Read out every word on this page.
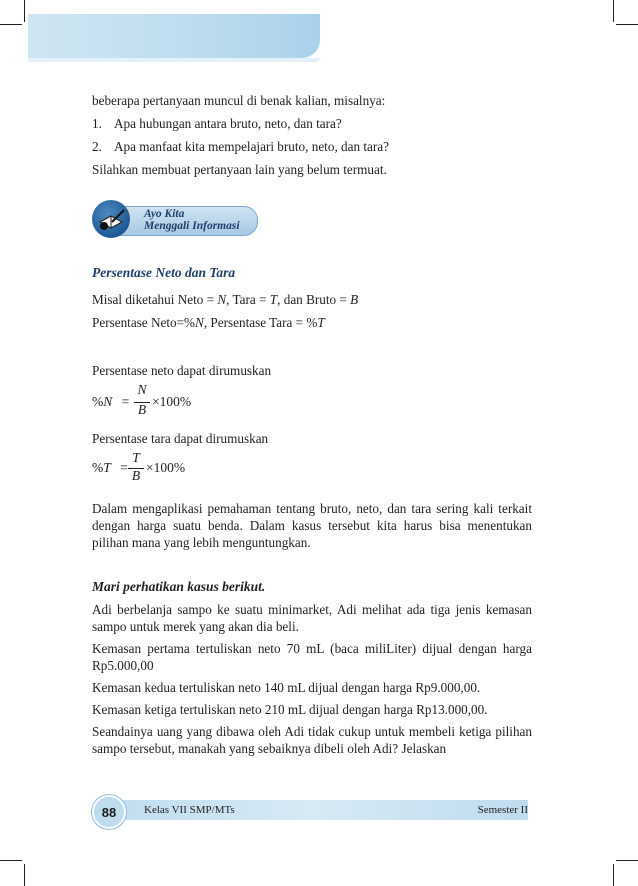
beberapa pertanyaan muncul di benak kalian, misalnya:

1. Apa hubungan antara bruto, neto, dan tara?

2. Apa manfaat kita mempelajari bruto, neto, dan tara?

Silahkan membuat pertanyaan lain yang belum termuat.

Ayo Kita
Menggali Informasi

Persentase Neto dan Tara

Misal diketahui Neto = N, Tara = T, dan Bruto = B

Persentase Neto=%N, Persentase Tara = %T

Persentase neto dapat dirumuskan

%N =
N
B
×100%

Persentase tara dapat dirumuskan

%T =
T
B
×100%

Dalam mengaplikasi pemahaman tentang bruto, neto, dan tara sering kali terkait dengan harga suatu benda. Dalam kasus tersebut kita harus bisa menentukan pilihan mana yang lebih menguntungkan.

Mari perhatikan kasus berikut.

Adi berbelanja sampo ke suatu minimarket, Adi melihat ada tiga jenis kemasan sampo untuk merek yang akan dia beli.

Kemasan pertama tertuliskan neto 70 mL (baca miliLiter) dijual dengan harga Rp5.000,00

Kemasan kedua tertuliskan neto 140 mL dijual dengan harga Rp9.000,00.

Kemasan ketiga tertuliskan neto 210 mL dijual dengan harga Rp13.000,00.

Seandainya uang yang dibawa oleh Adi tidak cukup untuk membeli ketiga pilihan sampo tersebut, manakah yang sebaiknya dibeli oleh Adi? Jelaskan

88	Kelas VII SMP/MTs	Semester II
